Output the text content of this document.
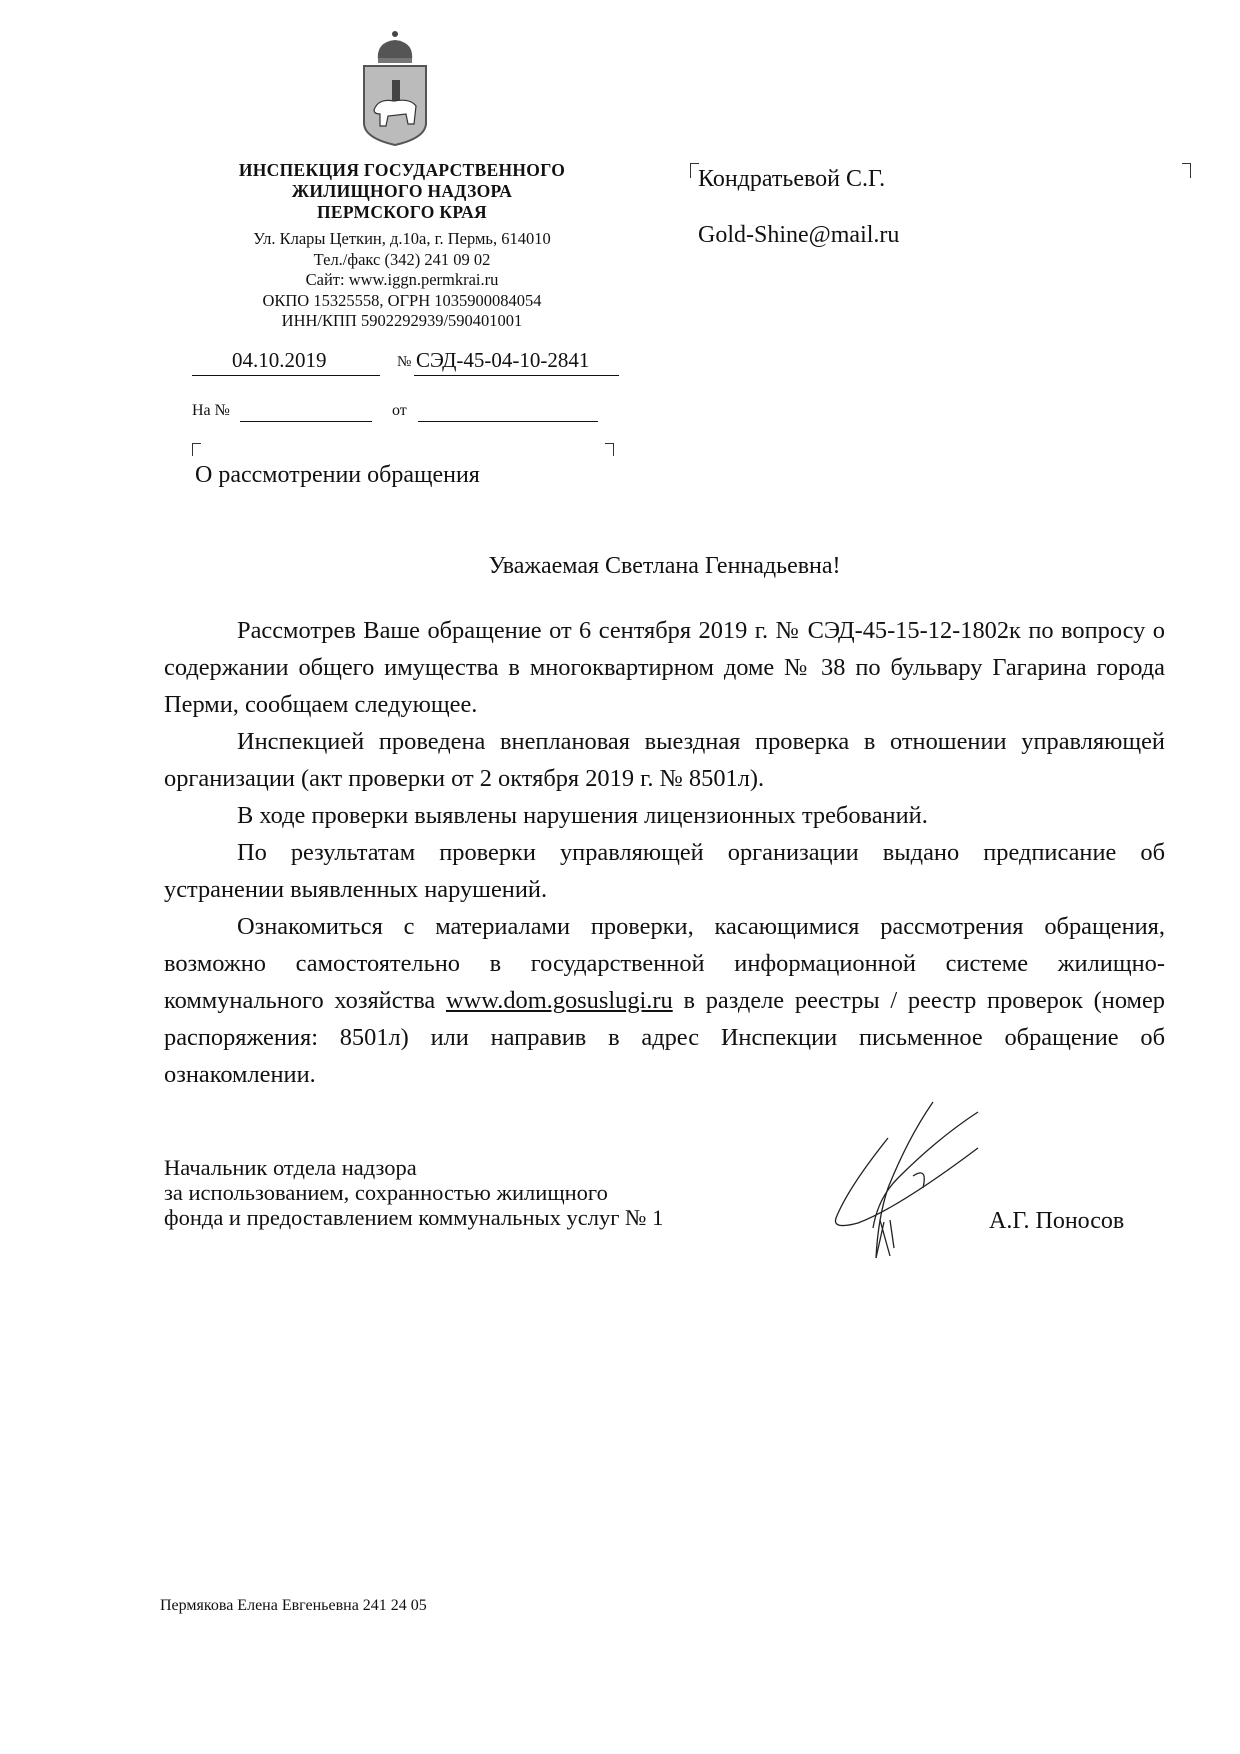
ИНСПЕКЦИЯ ГОСУДАРСТВЕННОГО
ЖИЛИЩНОГО НАДЗОРА
ПЕРМСКОГО КРАЯ
Ул. Клары Цеткин, д.10а, г. Пермь, 614010
Тел./факс (342) 241 09 02
Сайт: www.iggn.permkrai.ru
ОКПО 15325558, ОГРН 1035900084054
ИНН/КПП 5902292939/590401001
04.10.2019	№ СЭД-45-04-10-2841
На №	от
О рассмотрении обращения
Кондратьевой С.Г.
Gold-Shine@mail.ru
Уважаемая Светлана Геннадьевна!

Рассмотрев Ваше обращение от 6 сентября 2019 г. № СЭД-45-15-12-1802к по вопросу о содержании общего имущества в многоквартирном доме № 38 по бульвару Гагарина города Перми, сообщаем следующее.

Инспекцией проведена внеплановая выездная проверка в отношении управляющей организации (акт проверки от 2 октября 2019 г. № 8501л).

В ходе проверки выявлены нарушения лицензионных требований.

По результатам проверки управляющей организации выдано предписание об устранении выявленных нарушений.

Ознакомиться с материалами проверки, касающимися рассмотрения обращения, возможно самостоятельно в государственной информационной системе жилищно-коммунального хозяйства www.dom.gosuslugi.ru в разделе реестры / реестр проверок (номер распоряжения: 8501л) или направив в адрес Инспекции письменное обращение об ознакомлении.

Начальник отдела надзора
за использованием, сохранностью жилищного
фонда и предоставлением коммунальных услуг № 1	А.Г. Поносов
Пермякова Елена Евгеньевна 241 24 05
